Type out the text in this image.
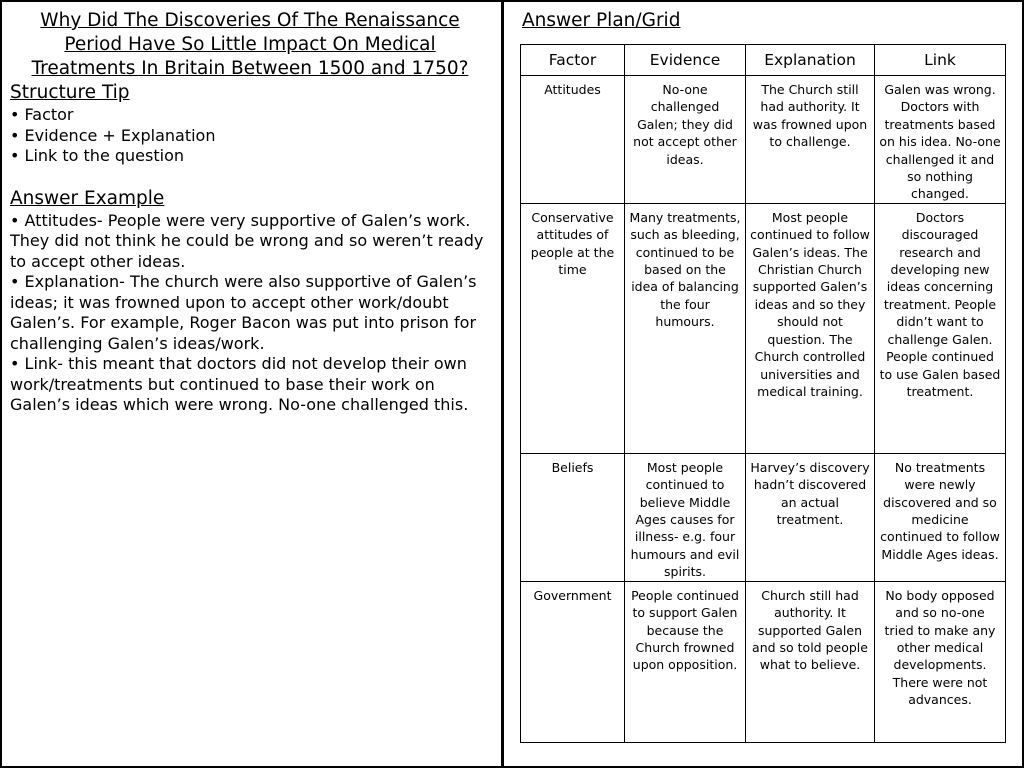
Why Did The Discoveries Of The Renaissance Period Have So Little Impact On Medical Treatments In Britain Between 1500 and 1750?

Structure Tip

• Factor
• Evidence + Explanation
• Link to the question

Answer Example

• Attitudes- People were very supportive of Galen’s work. They did not think he could be wrong and so weren’t ready to accept other ideas.
• Explanation- The church were also supportive of Galen’s ideas; it was frowned upon to accept other work/doubt Galen’s. For example, Roger Bacon was put into prison for challenging Galen’s ideas/work.
• Link- this meant that doctors did not develop their own work/treatments but continued to base their work on Galen’s ideas which were wrong. No-one challenged this.
Answer Plan/Grid
Factor	Evidence	Explanation	Link
Attitudes	No-one challenged Galen; they did not accept other ideas.	The Church still had authority. It was frowned upon to challenge.	Galen was wrong. Doctors with treatments based on his idea. No-one challenged it and so nothing changed.
Conservative attitudes of people at the time	Many treatments, such as bleeding, continued to be based on the idea of balancing the four humours.	Most people continued to follow Galen’s ideas. The Christian Church supported Galen’s ideas and so they should not question. The Church controlled universities and medical training.	Doctors discouraged research and developing new ideas concerning treatment. People didn’t want to challenge Galen. People continued to use Galen based treatment.
Beliefs	Most people continued to believe Middle Ages causes for illness- e.g. four humours and evil spirits.	Harvey’s discovery hadn’t discovered an actual treatment.	No treatments were newly discovered and so medicine continued to follow Middle Ages ideas.
Government	People continued to support Galen because the Church frowned upon opposition.	Church still had authority. It supported Galen and so told people what to believe.	No body opposed and so no-one tried to make any other medical developments. There were not advances.
